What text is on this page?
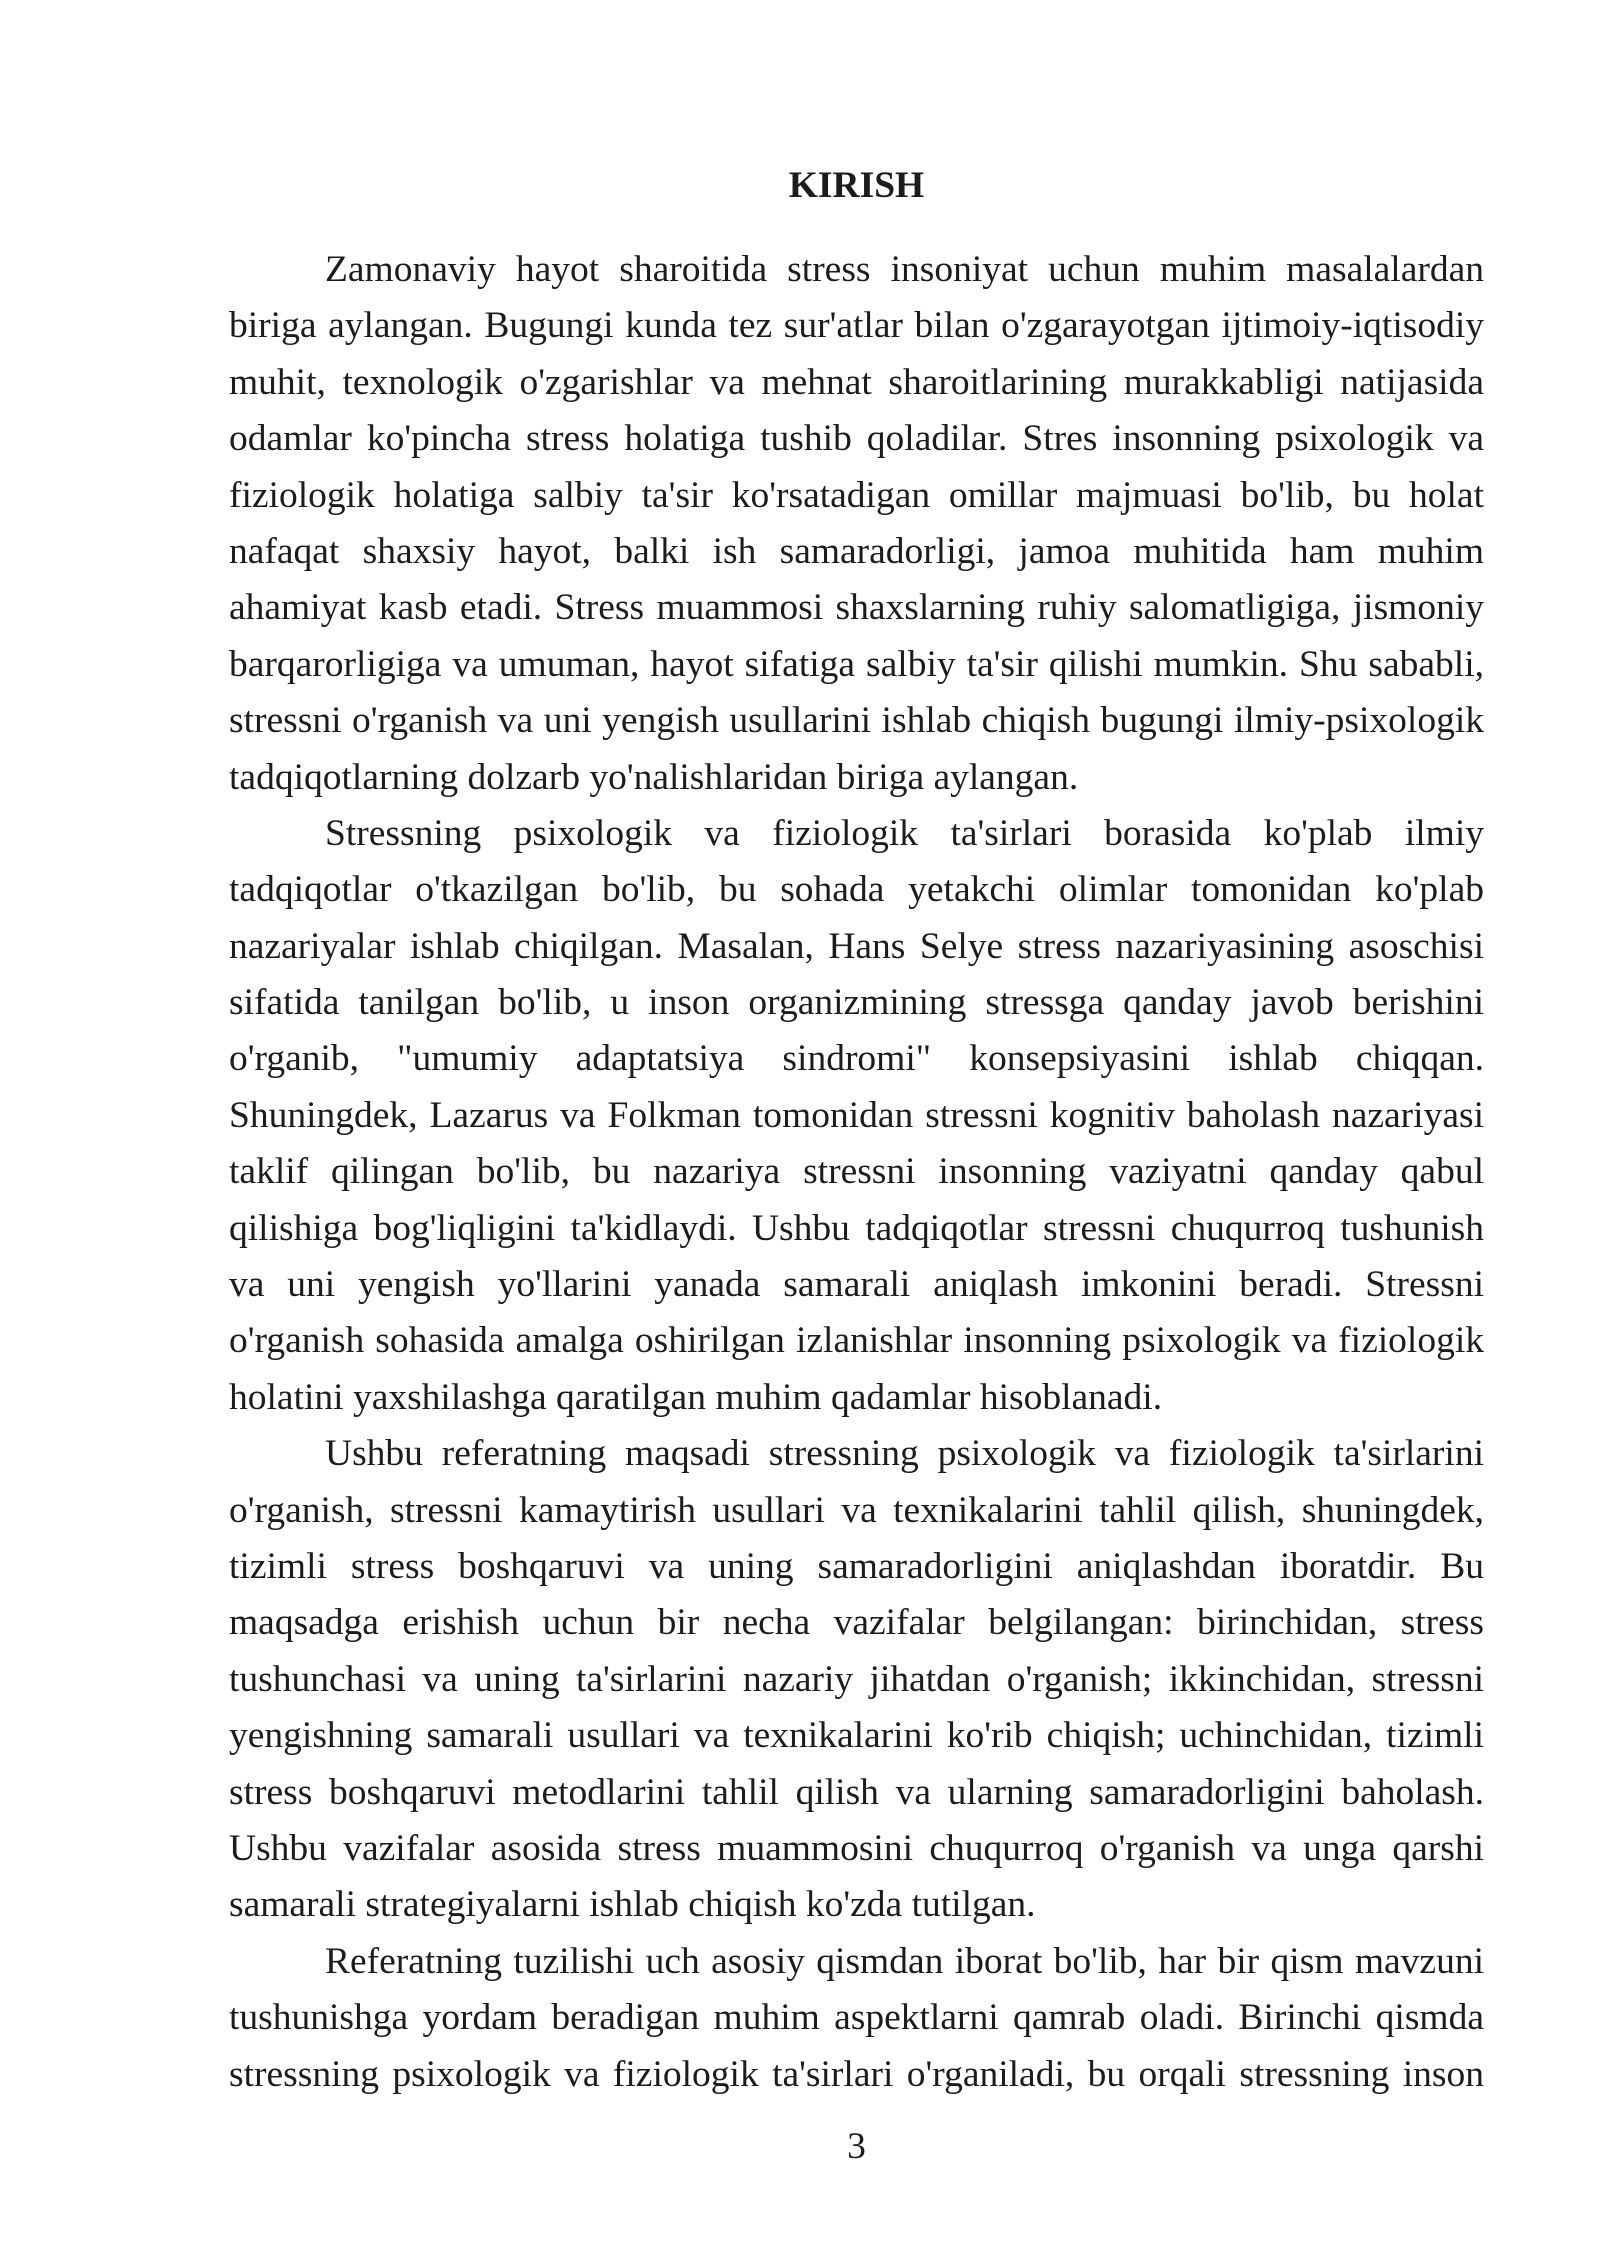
KIRISH
Zamonaviy hayot sharoitida stress insoniyat uchun muhim masalalardan
biriga aylangan. Bugungi kunda tez sur'atlar bilan o'zgarayotgan ijtimoiy-iqtisodiy
muhit, texnologik o'zgarishlar va mehnat sharoitlarining murakkabligi natijasida
odamlar ko'pincha stress holatiga tushib qoladilar. Stres insonning psixologik va
fiziologik holatiga salbiy ta'sir ko'rsatadigan omillar majmuasi bo'lib, bu holat
nafaqat shaxsiy hayot, balki ish samaradorligi, jamoa muhitida ham muhim
ahamiyat kasb etadi. Stress muammosi shaxslarning ruhiy salomatligiga, jismoniy
barqarorligiga va umuman, hayot sifatiga salbiy ta'sir qilishi mumkin. Shu sababli,
stressni o'rganish va uni yengish usullarini ishlab chiqish bugungi ilmiy-psixologik
tadqiqotlarning dolzarb yo'nalishlaridan biriga aylangan.
Stressning psixologik va fiziologik ta'sirlari borasida ko'plab ilmiy
tadqiqotlar o'tkazilgan bo'lib, bu sohada yetakchi olimlar tomonidan ko'plab
nazariyalar ishlab chiqilgan. Masalan, Hans Selye stress nazariyasining asoschisi
sifatida tanilgan bo'lib, u inson organizmining stressga qanday javob berishini
o'rganib, "umumiy adaptatsiya sindromi" konsepsiyasini ishlab chiqqan.
Shuningdek, Lazarus va Folkman tomonidan stressni kognitiv baholash nazariyasi
taklif qilingan bo'lib, bu nazariya stressni insonning vaziyatni qanday qabul
qilishiga bog'liqligini ta'kidlaydi. Ushbu tadqiqotlar stressni chuqurroq tushunish
va uni yengish yo'llarini yanada samarali aniqlash imkonini beradi. Stressni
o'rganish sohasida amalga oshirilgan izlanishlar insonning psixologik va fiziologik
holatini yaxshilashga qaratilgan muhim qadamlar hisoblanadi.
Ushbu referatning maqsadi stressning psixologik va fiziologik ta'sirlarini
o'rganish, stressni kamaytirish usullari va texnikalarini tahlil qilish, shuningdek,
tizimli stress boshqaruvi va uning samaradorligini aniqlashdan iboratdir. Bu
maqsadga erishish uchun bir necha vazifalar belgilangan: birinchidan, stress
tushunchasi va uning ta'sirlarini nazariy jihatdan o'rganish; ikkinchidan, stressni
yengishning samarali usullari va texnikalarini ko'rib chiqish; uchinchidan, tizimli
stress boshqaruvi metodlarini tahlil qilish va ularning samaradorligini baholash.
Ushbu vazifalar asosida stress muammosini chuqurroq o'rganish va unga qarshi
samarali strategiyalarni ishlab chiqish ko'zda tutilgan.
Referatning tuzilishi uch asosiy qismdan iborat bo'lib, har bir qism mavzuni
tushunishga yordam beradigan muhim aspektlarni qamrab oladi. Birinchi qismda
stressning psixologik va fiziologik ta'sirlari o'rganiladi, bu orqali stressning inson
3
